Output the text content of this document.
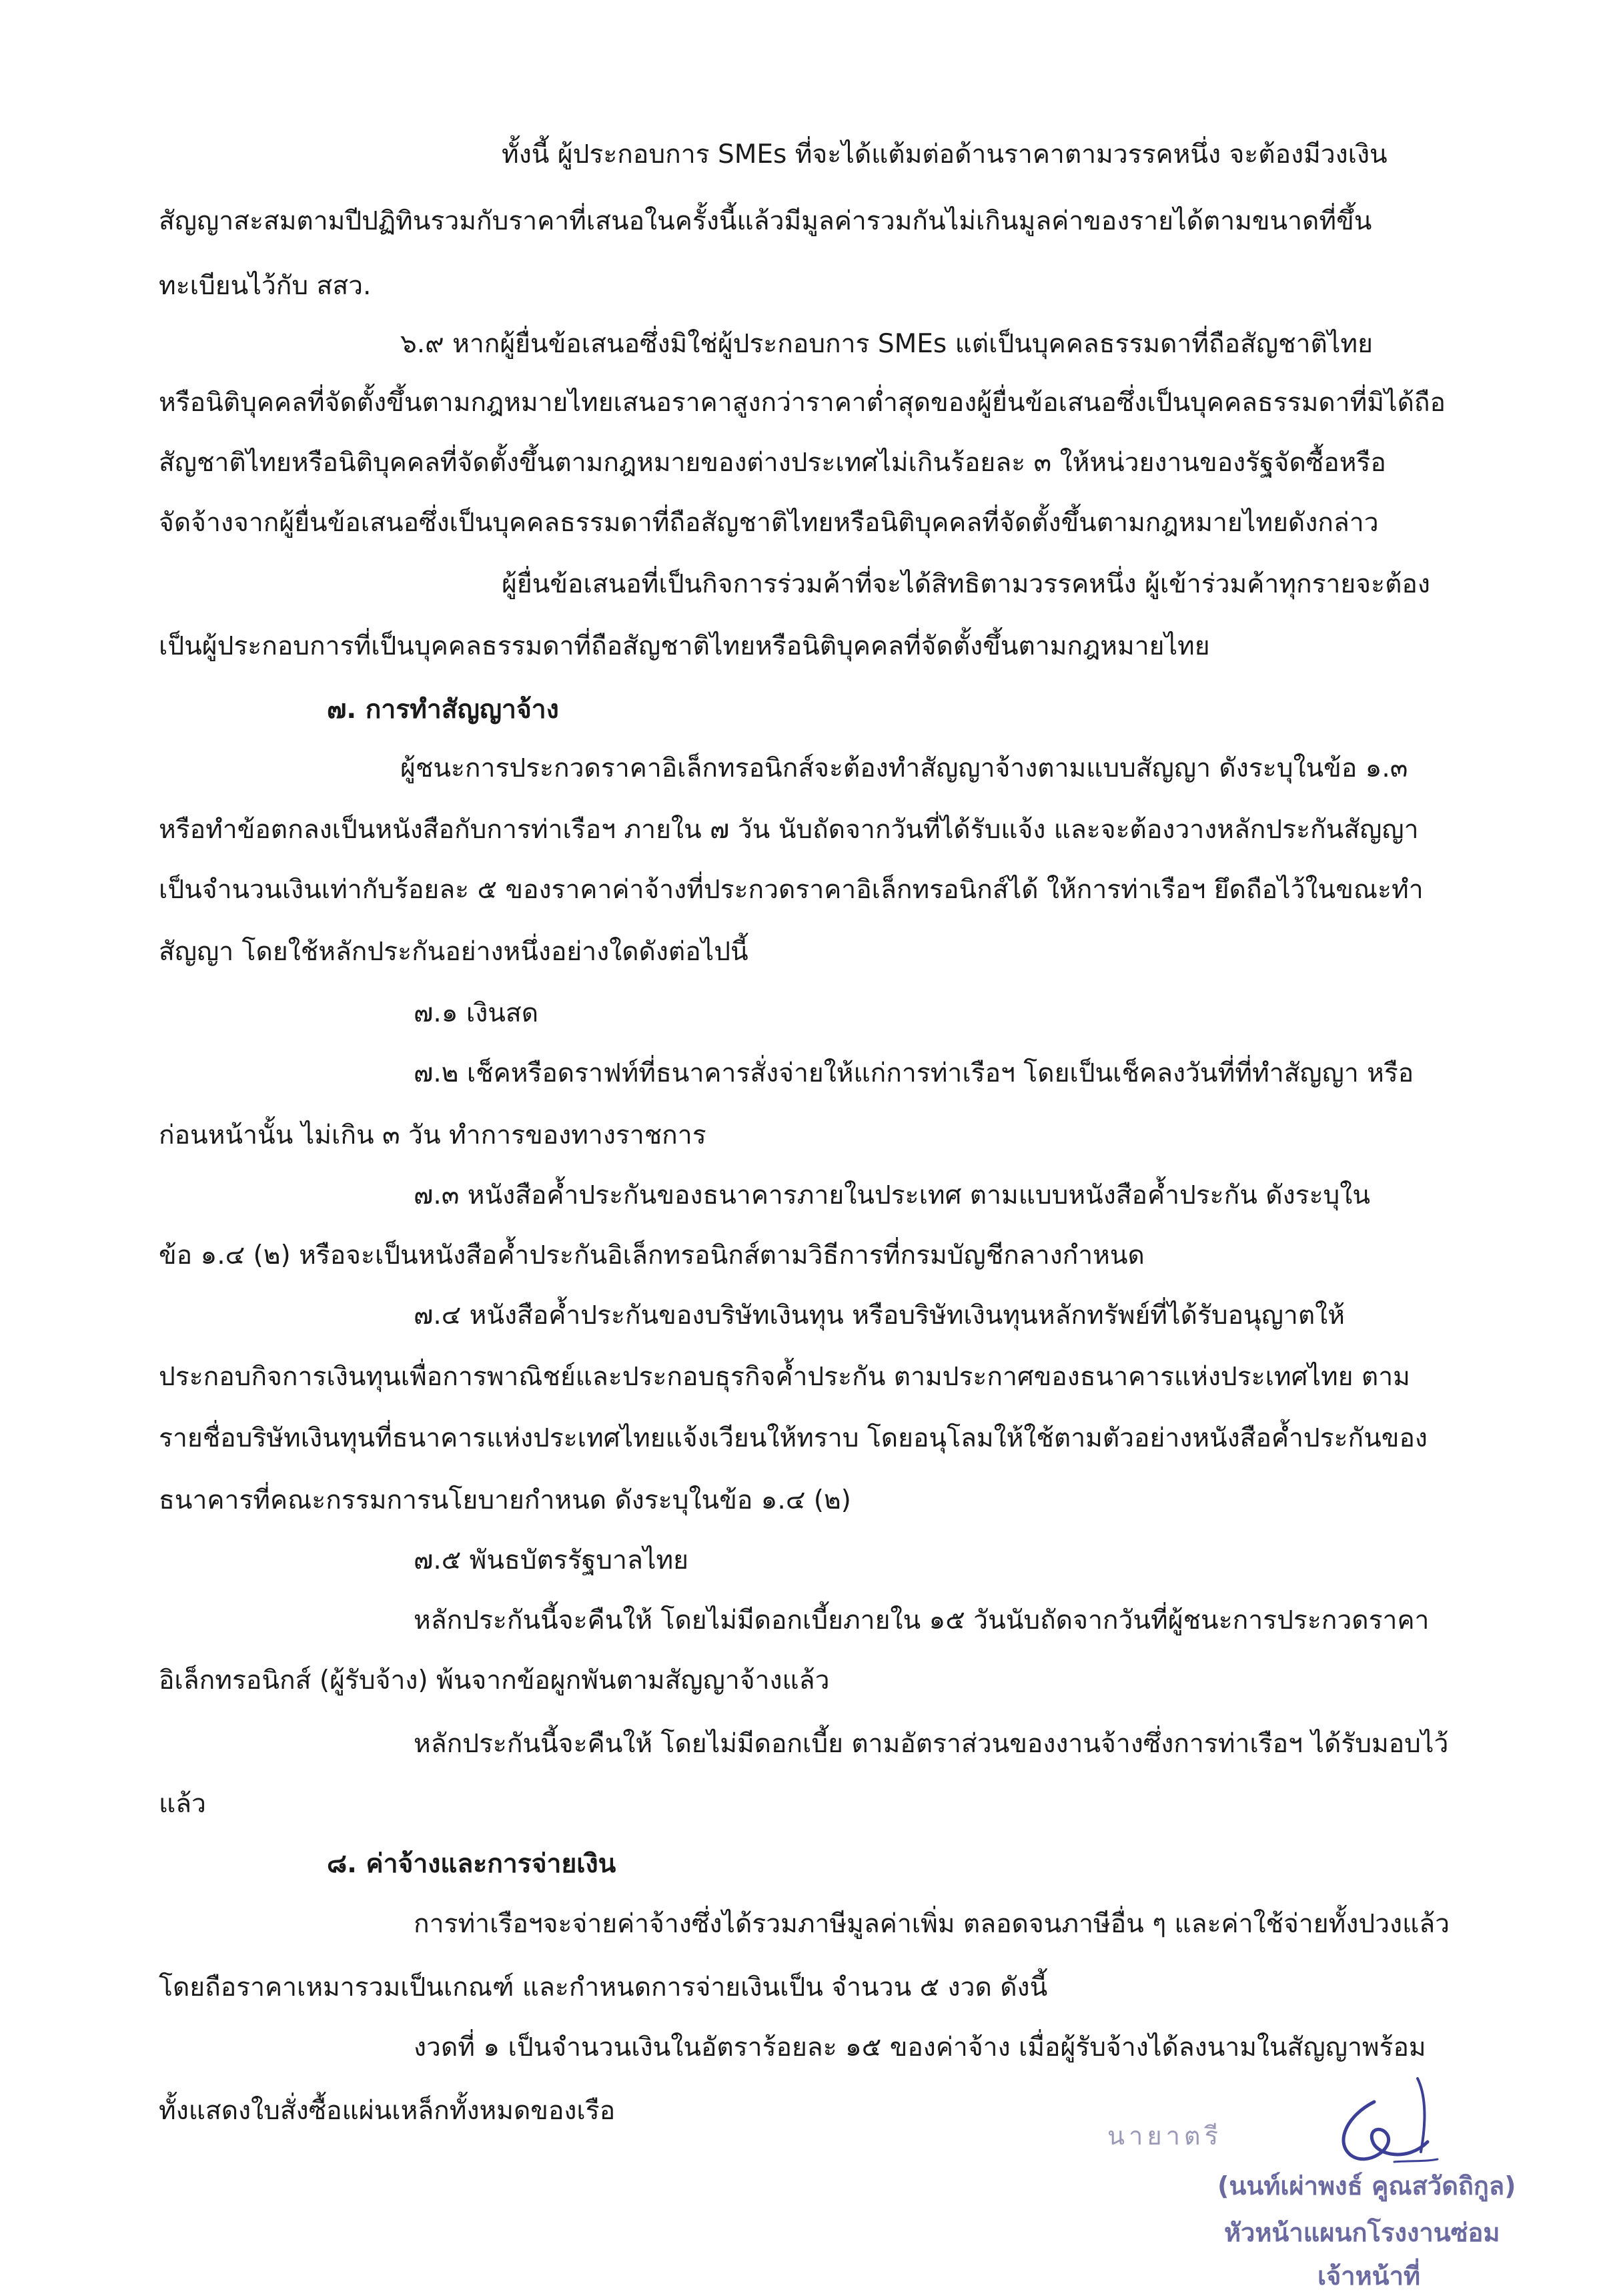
ทั้งนี้ ผู้ประกอบการ SMEs ที่จะได้แต้มต่อด้านราคาตามวรรคหนึ่ง จะต้องมีวงเงิน

สัญญาสะสมตามปีปฏิทินรวมกับราคาที่เสนอในครั้งนี้แล้วมีมูลค่ารวมกันไม่เกินมูลค่าของรายได้ตามขนาดที่ขึ้น

ทะเบียนไว้กับ สสว.

๖.๙ หากผู้ยื่นข้อเสนอซึ่งมิใช่ผู้ประกอบการ SMEs แต่เป็นบุคคลธรรมดาที่ถือสัญชาติไทย

หรือนิติบุคคลที่จัดตั้งขึ้นตามกฎหมายไทยเสนอราคาสูงกว่าราคาต่ำสุดของผู้ยื่นข้อเสนอซึ่งเป็นบุคคลธรรมดาที่มิได้ถือ

สัญชาติไทยหรือนิติบุคคลที่จัดตั้งขึ้นตามกฎหมายของต่างประเทศไม่เกินร้อยละ ๓ ให้หน่วยงานของรัฐจัดซื้อหรือ

จัดจ้างจากผู้ยื่นข้อเสนอซึ่งเป็นบุคคลธรรมดาที่ถือสัญชาติไทยหรือนิติบุคคลที่จัดตั้งขึ้นตามกฎหมายไทยดังกล่าว

ผู้ยื่นข้อเสนอที่เป็นกิจการร่วมค้าที่จะได้สิทธิตามวรรคหนึ่ง ผู้เข้าร่วมค้าทุกรายจะต้อง

เป็นผู้ประกอบการที่เป็นบุคคลธรรมดาที่ถือสัญชาติไทยหรือนิติบุคคลที่จัดตั้งขึ้นตามกฎหมายไทย

๗. การทำสัญญาจ้าง

ผู้ชนะการประกวดราคาอิเล็กทรอนิกส์จะต้องทำสัญญาจ้างตามแบบสัญญา ดังระบุในข้อ ๑.๓

หรือทำข้อตกลงเป็นหนังสือกับการท่าเรือฯ ภายใน ๗ วัน นับถัดจากวันที่ได้รับแจ้ง และจะต้องวางหลักประกันสัญญา

เป็นจำนวนเงินเท่ากับร้อยละ ๕ ของราคาค่าจ้างที่ประกวดราคาอิเล็กทรอนิกส์ได้ ให้การท่าเรือฯ ยึดถือไว้ในขณะทำ

สัญญา โดยใช้หลักประกันอย่างหนึ่งอย่างใดดังต่อไปนี้

๗.๑ เงินสด

๗.๒ เช็คหรือดราฟท์ที่ธนาคารสั่งจ่ายให้แก่การท่าเรือฯ โดยเป็นเช็คลงวันที่ที่ทำสัญญา หรือ

ก่อนหน้านั้น ไม่เกิน ๓ วัน ทำการของทางราชการ

๗.๓ หนังสือค้ำประกันของธนาคารภายในประเทศ ตามแบบหนังสือค้ำประกัน ดังระบุใน

ข้อ ๑.๔ (๒) หรือจะเป็นหนังสือค้ำประกันอิเล็กทรอนิกส์ตามวิธีการที่กรมบัญชีกลางกำหนด

๗.๔ หนังสือค้ำประกันของบริษัทเงินทุน หรือบริษัทเงินทุนหลักทรัพย์ที่ได้รับอนุญาตให้

ประกอบกิจการเงินทุนเพื่อการพาณิชย์และประกอบธุรกิจค้ำประกัน ตามประกาศของธนาคารแห่งประเทศไทย ตาม

รายชื่อบริษัทเงินทุนที่ธนาคารแห่งประเทศไทยแจ้งเวียนให้ทราบ โดยอนุโลมให้ใช้ตามตัวอย่างหนังสือค้ำประกันของ

ธนาคารที่คณะกรรมการนโยบายกำหนด ดังระบุในข้อ ๑.๔ (๒)

๗.๕ พันธบัตรรัฐบาลไทย

หลักประกันนี้จะคืนให้ โดยไม่มีดอกเบี้ยภายใน ๑๕ วันนับถัดจากวันที่ผู้ชนะการประกวดราคา

อิเล็กทรอนิกส์ (ผู้รับจ้าง) พ้นจากข้อผูกพันตามสัญญาจ้างแล้ว

หลักประกันนี้จะคืนให้ โดยไม่มีดอกเบี้ย ตามอัตราส่วนของงานจ้างซึ่งการท่าเรือฯ ได้รับมอบไว้

แล้ว

๘. ค่าจ้างและการจ่ายเงิน

การท่าเรือฯจะจ่ายค่าจ้างซึ่งได้รวมภาษีมูลค่าเพิ่ม ตลอดจนภาษีอื่น ๆ และค่าใช้จ่ายทั้งปวงแล้ว

โดยถือราคาเหมารวมเป็นเกณฑ์ และกำหนดการจ่ายเงินเป็น จำนวน ๕ งวด ดังนี้

งวดที่ ๑ เป็นจำนวนเงินในอัตราร้อยละ ๑๕ ของค่าจ้าง เมื่อผู้รับจ้างได้ลงนามในสัญญาพร้อม

ทั้งแสดงใบสั่งซื้อแผ่นเหล็กทั้งหมดของเรือ

นายาตรี

(นนท์เผ่าพงธ์ คูณสวัดถิกูล)

หัวหน้าแผนกโรงงานซ่อม

เจ้าหน้าที่
